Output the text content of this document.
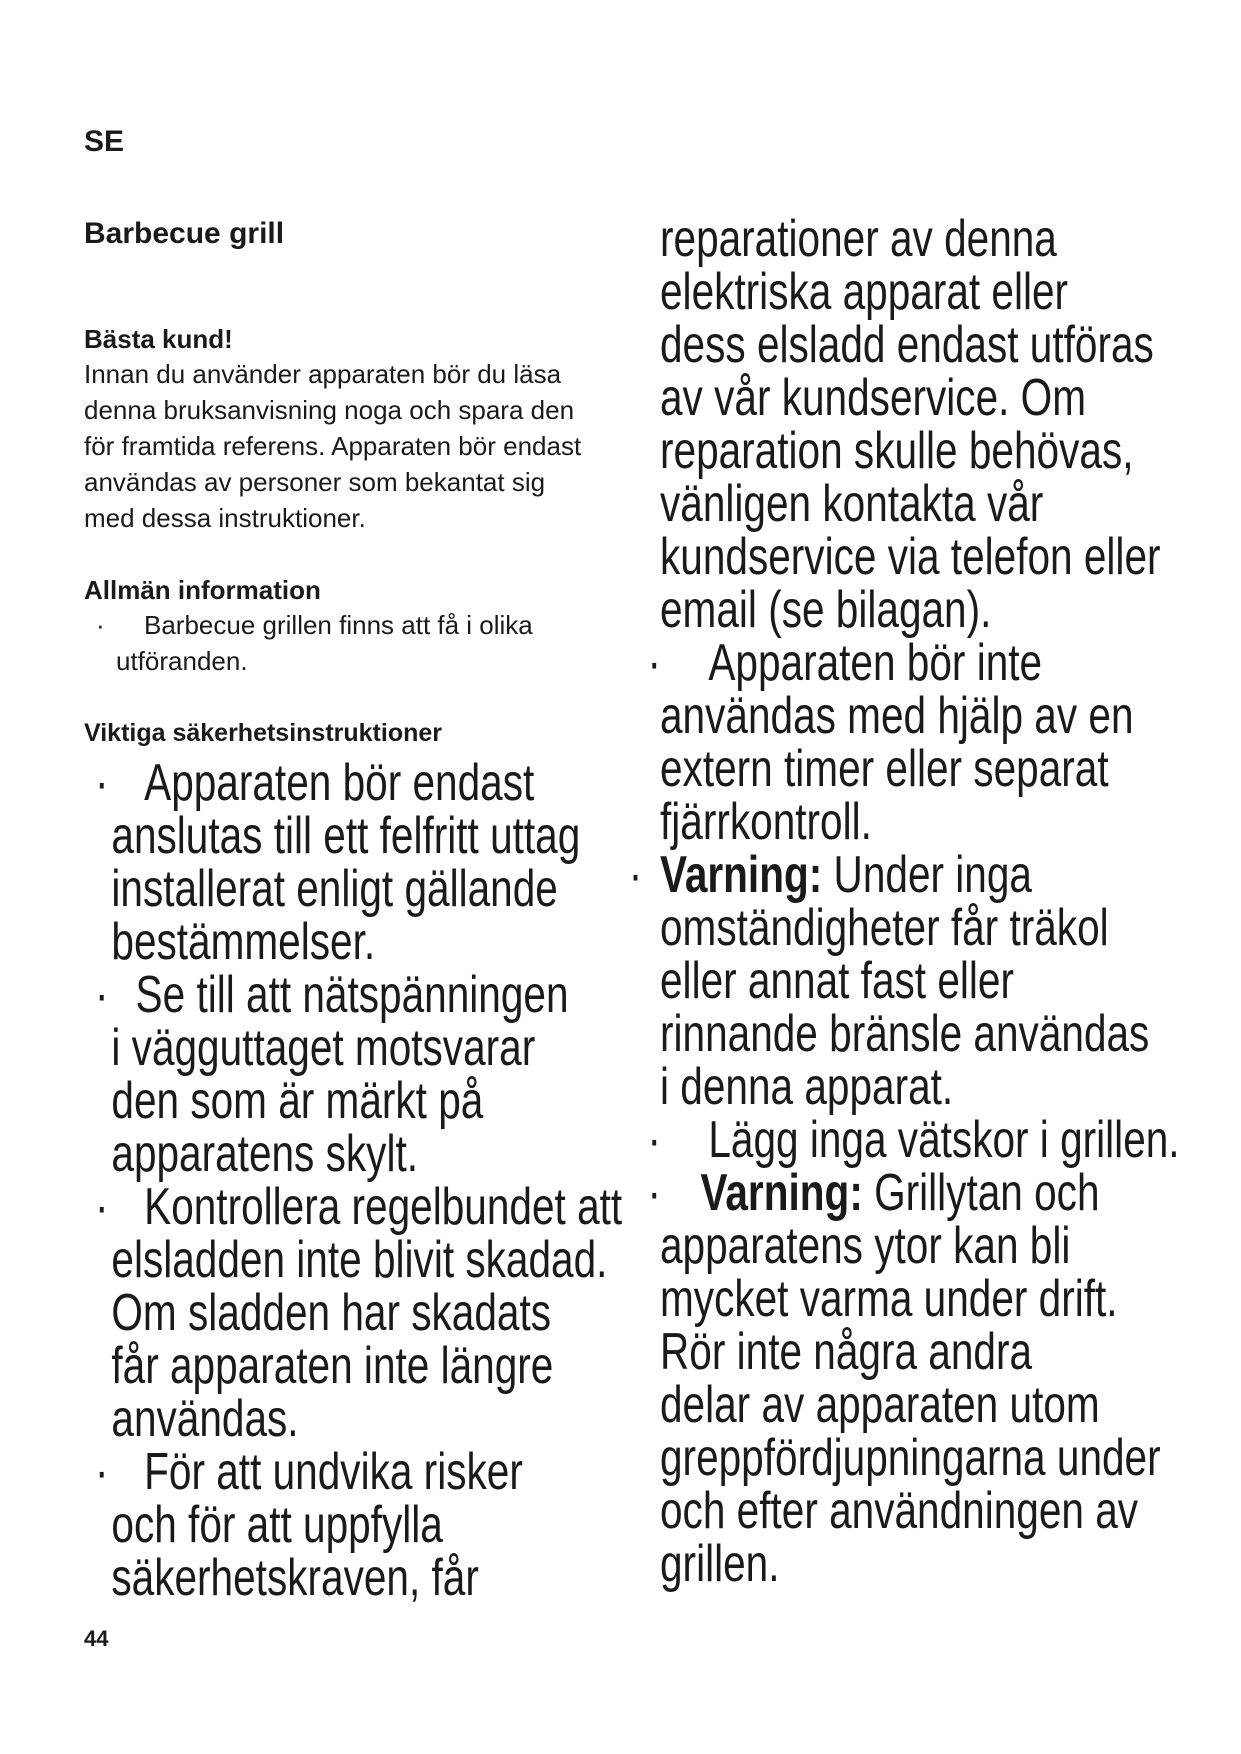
SE
Barbecue grill
Bästa kund!
Innan du använder apparaten bör du läsa
denna bruksanvisning noga och spara den
för framtida referens. Apparaten bör endast
användas av personer som bekantat sig
med dessa instruktioner.
Allmän information
· Barbecue grillen finns att få i olika
utföranden.
Viktiga säkerhetsinstruktioner
· Apparaten bör endast
anslutas till ett felfritt uttag
installerat enligt gällande
bestämmelser.
· Se till att nätspänningen
i vägguttaget motsvarar
den som är märkt på
apparatens skylt.
· Kontrollera regelbundet att
elsladden inte blivit skadad.
Om sladden har skadats
får apparaten inte längre
användas.
· För att undvika risker
och för att uppfylla
säkerhetskraven, får
reparationer av denna
elektriska apparat eller
dess elsladd endast utföras
av vår kundservice. Om
reparation skulle behövas,
vänligen kontakta vår
kundservice via telefon eller
email (se bilagan).
· Apparaten bör inte
användas med hjälp av en
extern timer eller separat
fjärrkontroll.
· Varning: Under inga
omständigheter får träkol
eller annat fast eller
rinnande bränsle användas
i denna apparat.
· Lägg inga vätskor i grillen.
· Varning: Grillytan och
apparatens ytor kan bli
mycket varma under drift.
Rör inte några andra
delar av apparaten utom
greppfördjupningarna under
och efter användningen av
grillen.
44
